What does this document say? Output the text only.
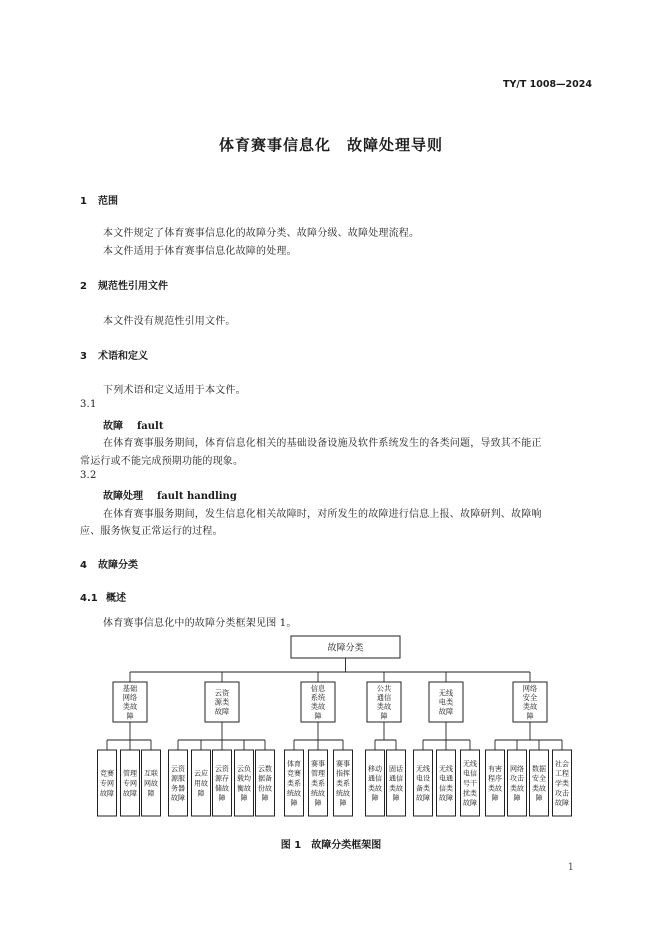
TY/T 1008—2024
体育赛事信息化　故障处理导则
1 范围
本文件规定了体育赛事信息化的故障分类、故障分级、故障处理流程。
本文件适用于体育赛事信息化故障的处理。
2 规范性引用文件
本文件没有规范性引用文件。
3 术语和定义
下列术语和定义适用于本文件。
3.1
故障 fault
在体育赛事服务期间，体育信息化相关的基础设备设施及软件系统发生的各类问题，导致其不能正
常运行或不能完成预期功能的现象。
3.2
故障处理 fault handling
在体育赛事服务期间，发生信息化相关故障时，对所发生的故障进行信息上报、故障研判、故障响
应、服务恢复正常运行的过程。
4 故障分类
4.1 概述
体育赛事信息化中的故障分类框架见图 1。
故障分类
基础
网络
类故
障
竞赛
专网
故障
管理
专网
故障
互联
网故
障
云资
源类
故障
云资
源服
务器
故障
云应
用故
障
云资
源存
储故
障
云负
载均
衡故
障
云数
据备
份故
障
信息
系统
类故
障
体育
竞赛
类系
统故
障
赛事
管理
类系
统故
障
赛事
指挥
类系
统故
障
公共
通信
类故
障
移动
通信
类故
障
固话
通信
类故
障
无线
电类
故障
无线
电设
备类
故障
无线
电通
信类
故障
无线
电信
号干
扰类
故障
网络
安全
类故
障
有害
程序
类故
障
网络
攻击
类故
障
数据
安全
类故
障
社会
工程
学类
攻击
故障
图 1 故障分类框架图
1
